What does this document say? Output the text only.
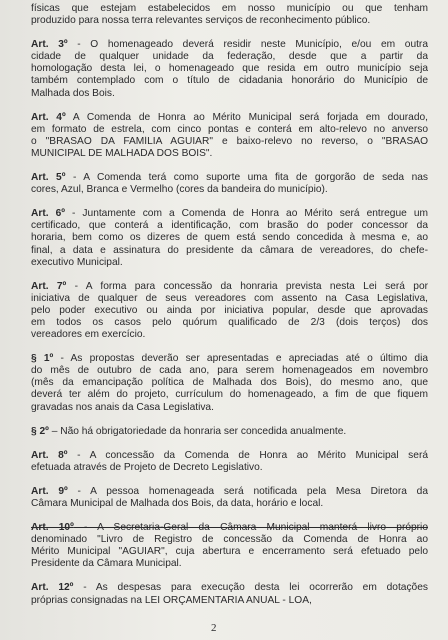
físicas que estejam estabelecidos em nosso município ou que tenham
produzido para nossa terra relevantes serviços de reconhecimento público.
Art. 3º - O homenageado deverá residir neste Município, e/ou em outra
cidade de qualquer unidade da federação, desde que a partir da
homologação desta lei, o homenageado que resida em outro município seja
também contemplado com o título de cidadania honorário do Município de
Malhada dos Bois.
Art. 4º A Comenda de Honra ao Mérito Municipal será forjada em dourado,
em formato de estrela, com cinco pontas e conterá em alto-relevo no anverso
o "BRASÃO DA FAMÍLIA AGUIAR" e baixo-relevo no reverso, o "BRASÃO
MUNICIPAL DE MALHADA DOS BOIS".
Art. 5º - A Comenda terá como suporte uma fita de gorgorão de seda nas
cores, Azul, Branca e Vermelho (cores da bandeira do município).
Art. 6º - Juntamente com a Comenda de Honra ao Mérito será entregue um
certificado, que conterá a identificação, com brasão do poder concessor da
horaria, bem como os dizeres de quem está sendo concedida à mesma e, ao
final, a data e assinatura do presidente da câmara de vereadores, do chefe-
executivo Municipal.
Art. 7º - A forma para concessão da honraria prevista nesta Lei será por
iniciativa de qualquer de seus vereadores com assento na Casa Legislativa,
pelo poder executivo ou ainda por iniciativa popular, desde que aprovadas
em todos os casos pelo quórum qualificado de 2/3 (dois terços) dos
vereadores em exercício.
§ 1º - As propostas deverão ser apresentadas e apreciadas até o último dia
do mês de outubro de cada ano, para serem homenageados em novembro
(mês da emancipação política de Malhada dos Bois), do mesmo ano, que
deverá ter além do projeto, currículum do homenageado, a fim de que fiquem
gravadas nos anais da Casa Legislativa.
§ 2º – Não há obrigatoriedade da honraria ser concedida anualmente.
Art. 8º - A concessão da Comenda de Honra ao Mérito Municipal será
efetuada através de Projeto de Decreto Legislativo.
Art. 9º - A pessoa homenageada será notificada pela Mesa Diretora da
Câmara Municipal de Malhada dos Bois, da data, horário e local.
Art. 10º - A Secretaria-Geral da Câmara Municipal manterá livro próprio
denominado "Livro de Registro de concessão da Comenda de Honra ao
Mérito Municipal "AGUIAR", cuja abertura e encerramento será efetuado pelo
Presidente da Câmara Municipal.
Art. 12º - As despesas para execução desta lei ocorrerão em dotações
próprias consignadas na LEI ORÇAMENTARIA ANUAL - LOA,
2
